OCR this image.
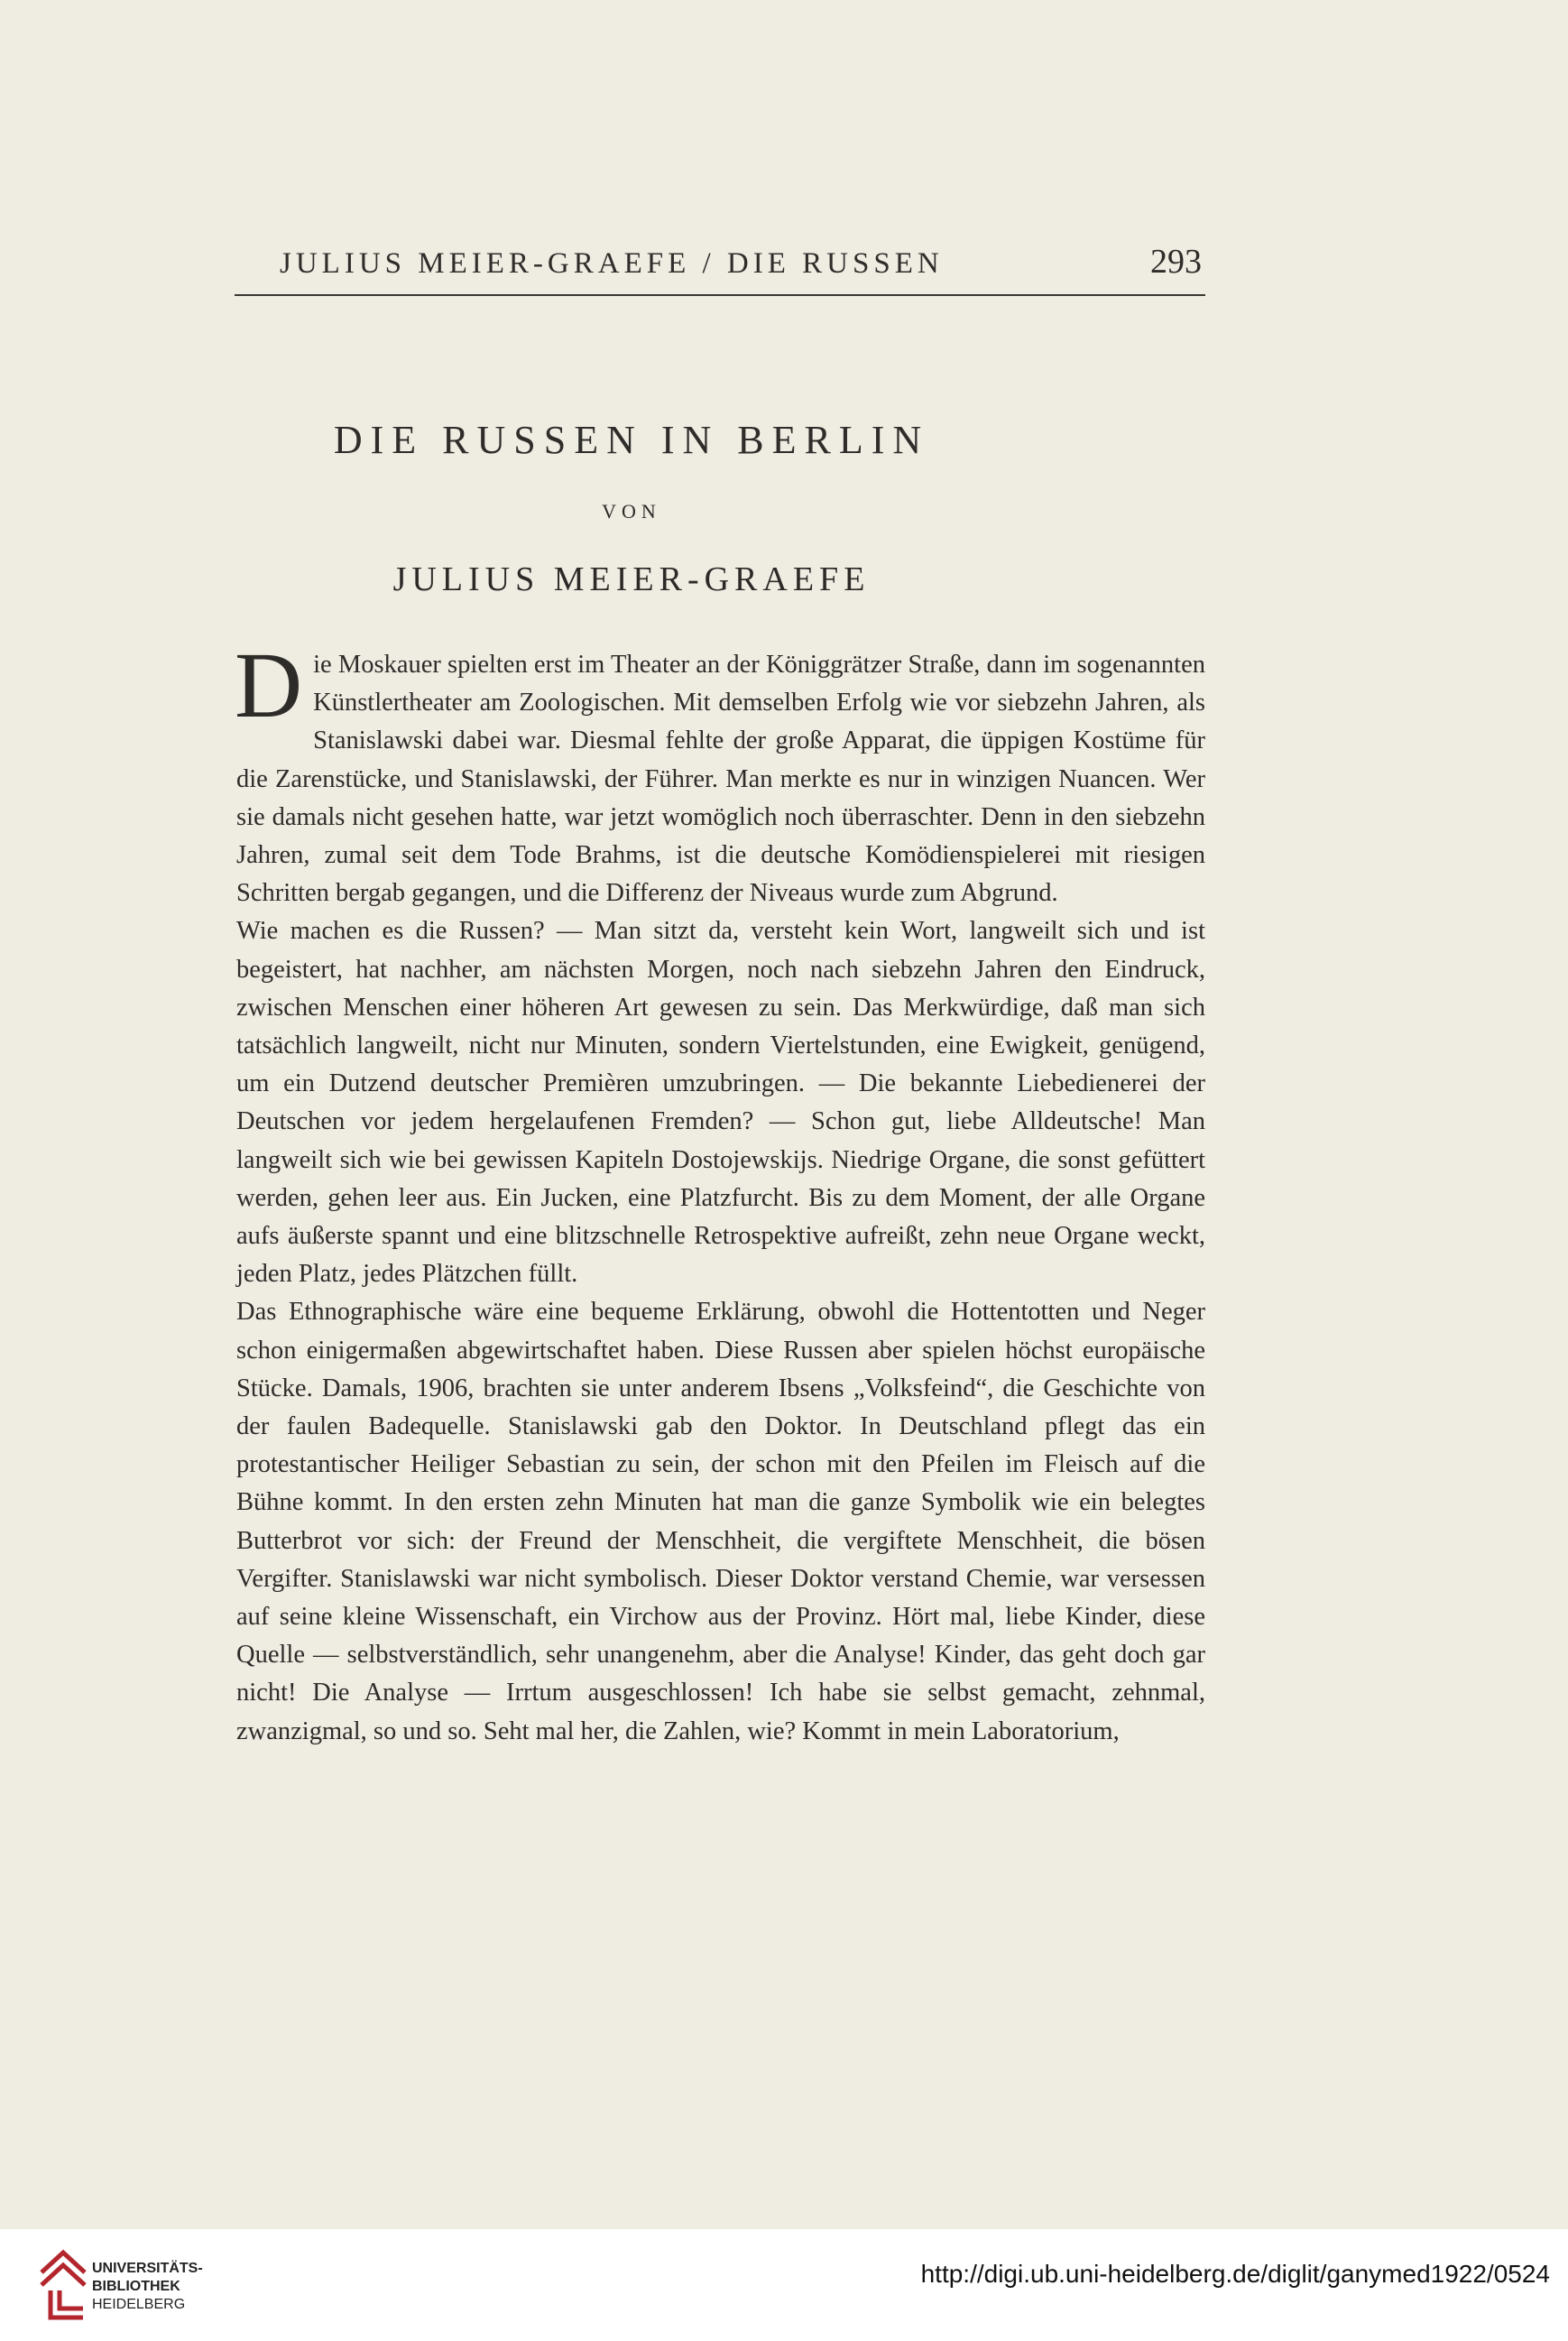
JULIUS MEIER-GRAEFE / DIE RUSSEN	293
DIE RUSSEN IN BERLIN
VON
JULIUS MEIER-GRAEFE

Die Moskauer spielten erst im Theater an der Königgrätzer Straße, dann im sogenannten Künstlertheater am Zoologischen. Mit demselben Erfolg wie vor siebzehn Jahren, als Stanislawski dabei war. Diesmal fehlte der große Apparat, die üppigen Kostüme für die Zarenstücke, und Stanislawski, der Führer. Man merkte es nur in winzigen Nuancen. Wer sie damals nicht gesehen hatte, war jetzt womöglich noch überraschter. Denn in den siebzehn Jahren, zumal seit dem Tode Brahms, ist die deutsche Komödienspielerei mit riesigen Schritten bergab gegangen, und die Differenz der Niveaus wurde zum Abgrund.

Wie machen es die Russen? — Man sitzt da, versteht kein Wort, langweilt sich und ist begeistert, hat nachher, am nächsten Morgen, noch nach siebzehn Jahren den Eindruck, zwischen Menschen einer höheren Art gewesen zu sein. Das Merkwürdige, daß man sich tatsächlich langweilt, nicht nur Minuten, sondern Viertelstunden, eine Ewigkeit, genügend, um ein Dutzend deutscher Premièren umzubringen. — Die bekannte Liebedienerei der Deutschen vor jedem hergelaufenen Fremden? — Schon gut, liebe Alldeutsche! Man langweilt sich wie bei gewissen Kapiteln Dostojewskijs. Niedrige Organe, die sonst gefüttert werden, gehen leer aus. Ein Jucken, eine Platzfurcht. Bis zu dem Moment, der alle Organe aufs äußerste spannt und eine blitzschnelle Retrospektive aufreißt, zehn neue Organe weckt, jeden Platz, jedes Plätzchen füllt.

Das Ethnographische wäre eine bequeme Erklärung, obwohl die Hottentotten und Neger schon einigermaßen abgewirtschaftet haben. Diese Russen aber spielen höchst europäische Stücke. Damals, 1906, brachten sie unter anderem Ibsens „Volksfeind“, die Geschichte von der faulen Badequelle. Stanislawski gab den Doktor. In Deutschland pflegt das ein protestantischer Heiliger Sebastian zu sein, der schon mit den Pfeilen im Fleisch auf die Bühne kommt. In den ersten zehn Minuten hat man die ganze Symbolik wie ein belegtes Butterbrot vor sich: der Freund der Menschheit, die vergiftete Menschheit, die bösen Vergifter. Stanislawski war nicht symbolisch. Dieser Doktor verstand Chemie, war versessen auf seine kleine Wissenschaft, ein Virchow aus der Provinz. Hört mal, liebe Kinder, diese Quelle — selbstverständlich, sehr unangenehm, aber die Analyse! Kinder, das geht doch gar nicht! Die Analyse — Irrtum ausgeschlossen! Ich habe sie selbst gemacht, zehnmal, zwanzigmal, so und so. Seht mal her, die Zahlen, wie? Kommt in mein Laboratorium,

UNIVERSITÄTS-
BIBLIOTHEK
HEIDELBERG
http://digi.ub.uni-heidelberg.de/diglit/ganymed1922/0524
